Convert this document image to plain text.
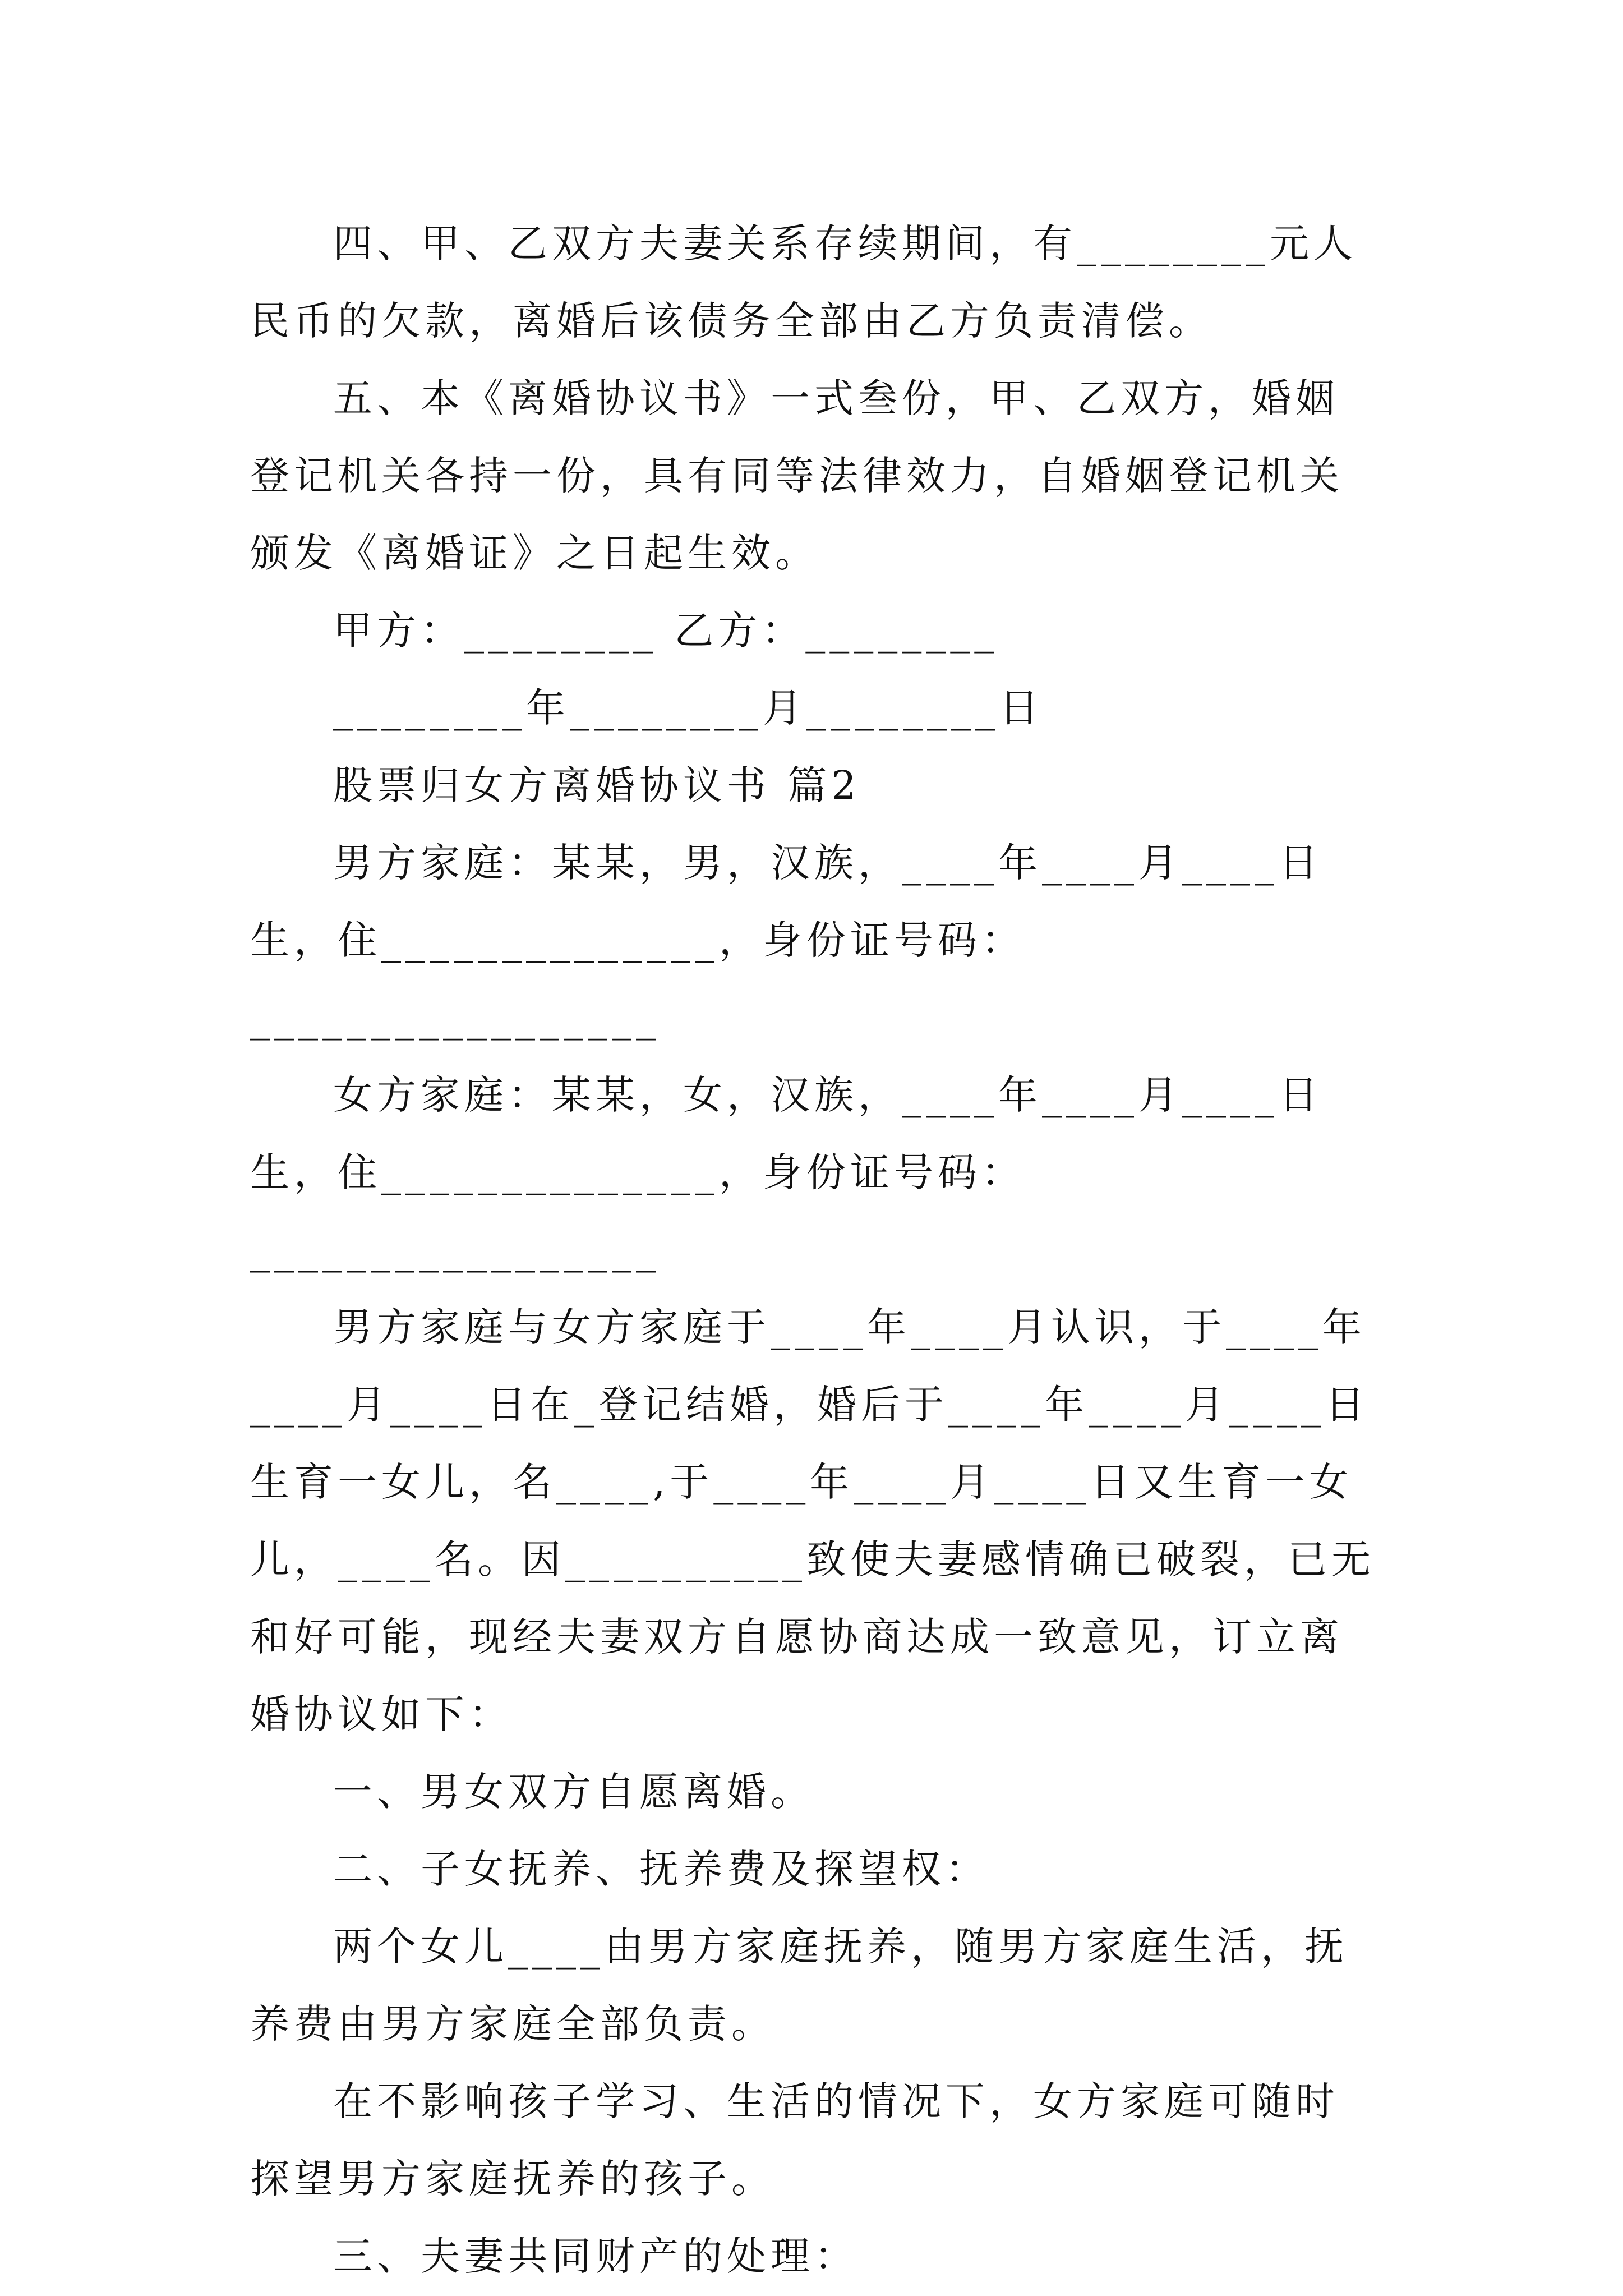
四、甲、乙双方夫妻关系存续期间，有________元人民币的欠款，离婚后该债务全部由乙方负责清偿。

五、本《离婚协议书》一式叁份，甲、乙双方，婚姻登记机关各持一份，具有同等法律效力，自婚姻登记机关颁发《离婚证》之日起生效。

甲方：________ 乙方：________

________年________月________日

股票归女方离婚协议书 篇2

男方家庭：某某，男，汉族，____年____月____日生，住______________，身份证号码：_________________

女方家庭：某某，女，汉族，____年____月____日生，住______________，身份证号码：_________________

男方家庭与女方家庭于____年____月认识，于____年____月____日在_登记结婚，婚后于____年____月____日生育一女儿，名____,于____年____月____日又生育一女儿，____名。因__________致使夫妻感情确已破裂，已无和好可能，现经夫妻双方自愿协商达成一致意见，订立离婚协议如下：

一、男女双方自愿离婚。

二、子女抚养、抚养费及探望权：

两个女儿____由男方家庭抚养，随男方家庭生活，抚养费由男方家庭全部负责。

在不影响孩子学习、生活的情况下，女方家庭可随时探望男方家庭抚养的孩子。

三、夫妻共同财产的处理：
